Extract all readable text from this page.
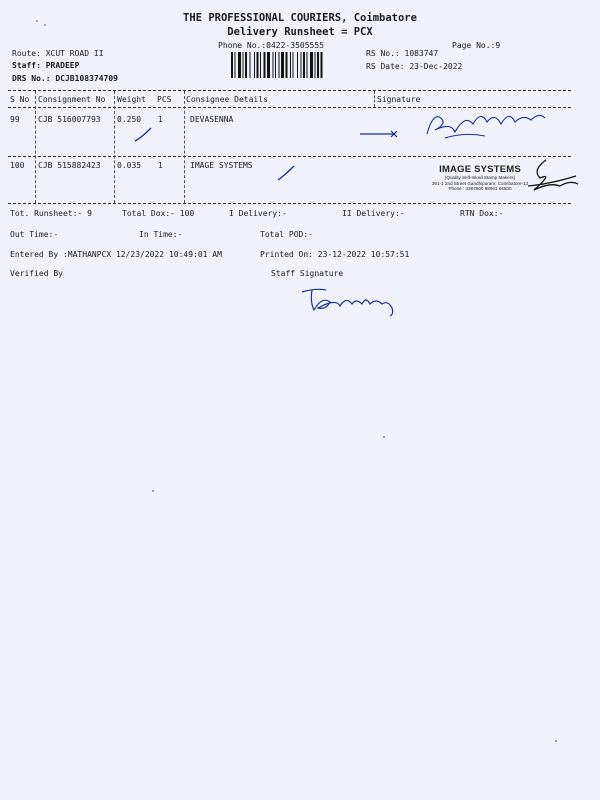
THE PROFESSIONAL COURIERS, Coimbatore
Delivery Runsheet = PCX
Phone No.:0422-3505555	Page No.:9
Route: XCUT ROAD II
Staff: PRADEEP
DRS No.: DCJB108374709
RS No.: 1083747
RS Date: 23-Dec-2022
S No Consignment No Weight PCS Consignee Details	Signature
99 CJB 516007793 0.250 1	DEVASENNA
100 CJB 515882423 0.035 1	IMAGE SYSTEMS	IMAGE SYSTEMS
(Quality Self-Inked Stamp Makers)
391-1 2nd Street Gandhipuram, Coimbatore-12
Phone : 4387600 98941 66500
Tot. Runsheet:- 9	Total Dox:- 100	I Delivery:-	II Delivery:-	RTN Dox:-
Out Time:-	In Time:-	Total POD:-
Entered By :MATHANPCX 12/23/2022 10:49:01 AM	Printed On: 23-12-2022 10:57:51
Verified By	Staff Signature
